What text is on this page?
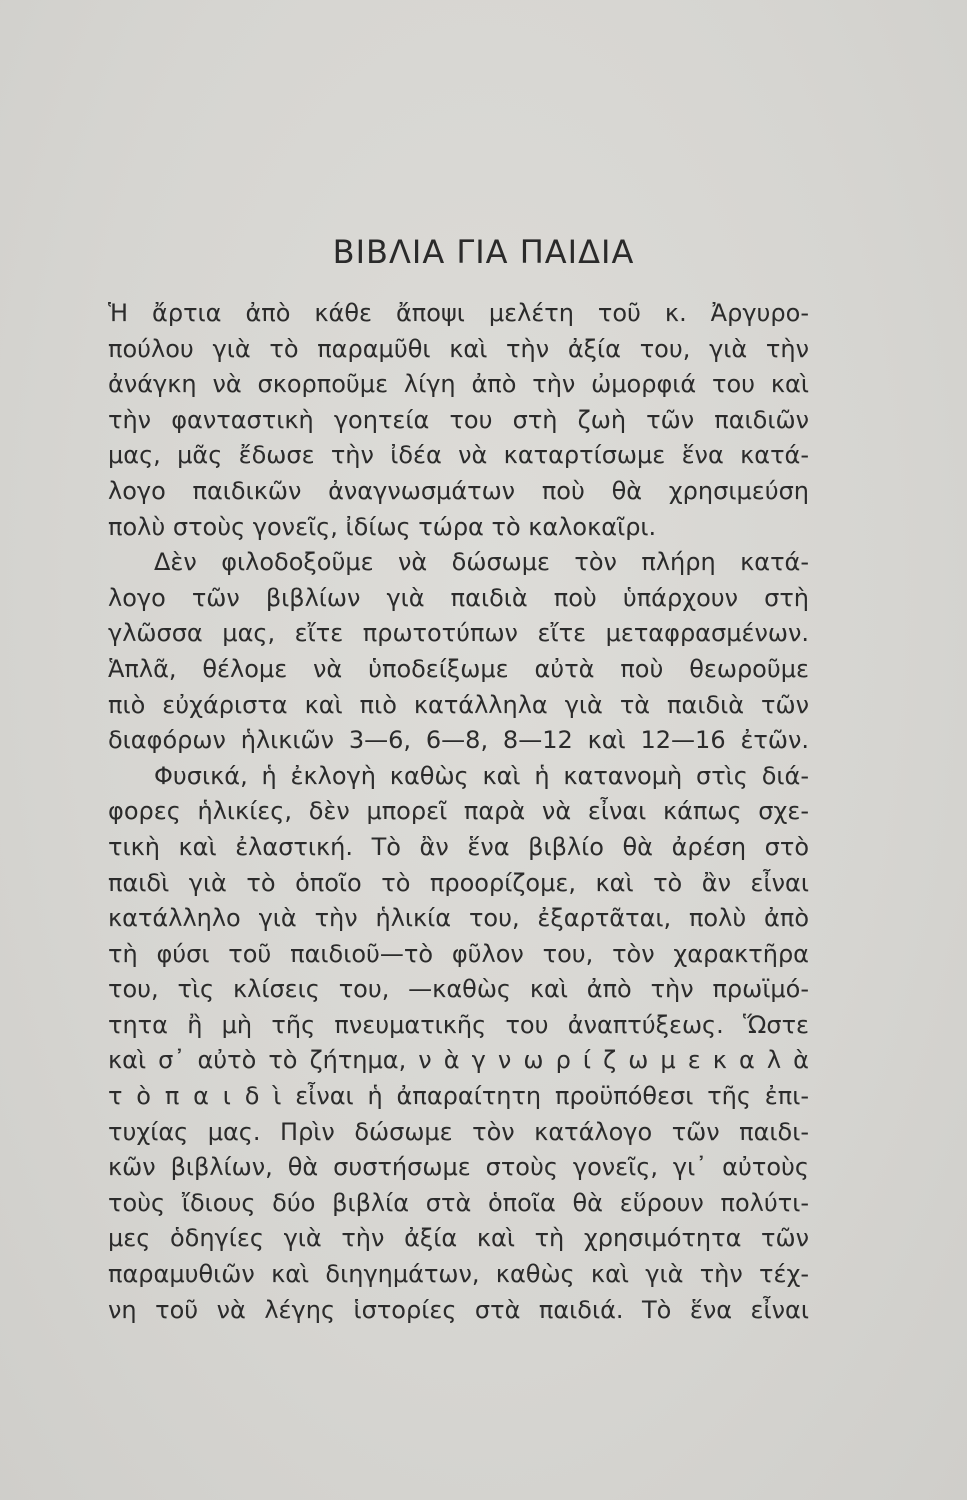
ΒΙΒΛΙΑ ΓΙΑ ΠΑΙΔΙΑ
Ἡ ἄρτια ἀπὸ κάθε ἄποψι μελέτη τοῦ κ. Ἀργυρο-
πούλου γιὰ τὸ παραμῦθι καὶ τὴν ἀξία του, γιὰ τὴν
ἀνάγκη νὰ σκορποῦμε λίγη ἀπὸ τὴν ὠμορφιά του καὶ
τὴν φανταστικὴ γοητεία του στὴ ζωὴ τῶν παιδιῶν
μας, μᾶς ἔδωσε τὴν ἰδέα νὰ καταρτίσωμε ἕνα κατά-
λογο παιδικῶν ἀναγνωσμάτων ποὺ θὰ χρησιμεύση
πολὺ στοὺς γονεῖς, ἰδίως τώρα τὸ καλοκαῖρι.
Δὲν φιλοδοξοῦμε νὰ δώσωμε τὸν πλήρη κατά-
λογο τῶν βιβλίων γιὰ παιδιὰ ποὺ ὑπάρχουν στὴ
γλῶσσα μας, εἴτε πρωτοτύπων εἴτε μεταφρασμένων.
Ἁπλᾶ, θέλομε νὰ ὑποδείξωμε αὐτὰ ποὺ θεωροῦμε
πιὸ εὐχάριστα καὶ πιὸ κατάλληλα γιὰ τὰ παιδιὰ τῶν
διαφόρων ἡλικιῶν 3—6, 6—8, 8—12 καὶ 12—16 ἐτῶν.
Φυσικά, ἡ ἐκλογὴ καθὼς καὶ ἡ κατανομὴ στὶς διά-
φορες ἡλικίες, δὲν μπορεῖ παρὰ νὰ εἶναι κάπως σχε-
τικὴ καὶ ἐλαστική. Τὸ ἂν ἕνα βιβλίο θὰ ἀρέση στὸ
παιδὶ γιὰ τὸ ὁποῖο τὸ προορίζομε, καὶ τὸ ἂν εἶναι
κατάλληλο γιὰ τὴν ἡλικία του, ἐξαρτᾶται, πολὺ ἀπὸ
τὴ φύσι τοῦ παιδιοῦ—τὸ φῦλον του, τὸν χαρακτῆρα
του, τὶς κλίσεις του, —καθὼς καὶ ἀπὸ τὴν πρωϊμό-
τητα ἢ μὴ τῆς πνευματικῆς του ἀναπτύξεως. Ὥστε
καὶ σ᾿ αὐτὸ τὸ ζήτημα, ν ὰ γ ν ω ρ ί ζ ω μ ε κ α λ ὰ
τ ὸ π α ι δ ὶ εἶναι ἡ ἀπαραίτητη προϋπόθεσι τῆς ἐπι-
τυχίας μας. Πρὶν δώσωμε τὸν κατάλογο τῶν παιδι-
κῶν βιβλίων, θὰ συστήσωμε στοὺς γονεῖς, γι᾿ αὐτοὺς
τοὺς ἴδιους δύο βιβλία στὰ ὁποῖα θὰ εὕρουν πολύτι-
μες ὁδηγίες γιὰ τὴν ἀξία καὶ τὴ χρησιμότητα τῶν
παραμυθιῶν καὶ διηγημάτων, καθὼς καὶ γιὰ τὴν τέχ-
νη τοῦ νὰ λέγης ἱστορίες στὰ παιδιά. Τὸ ἕνα εἶναι
